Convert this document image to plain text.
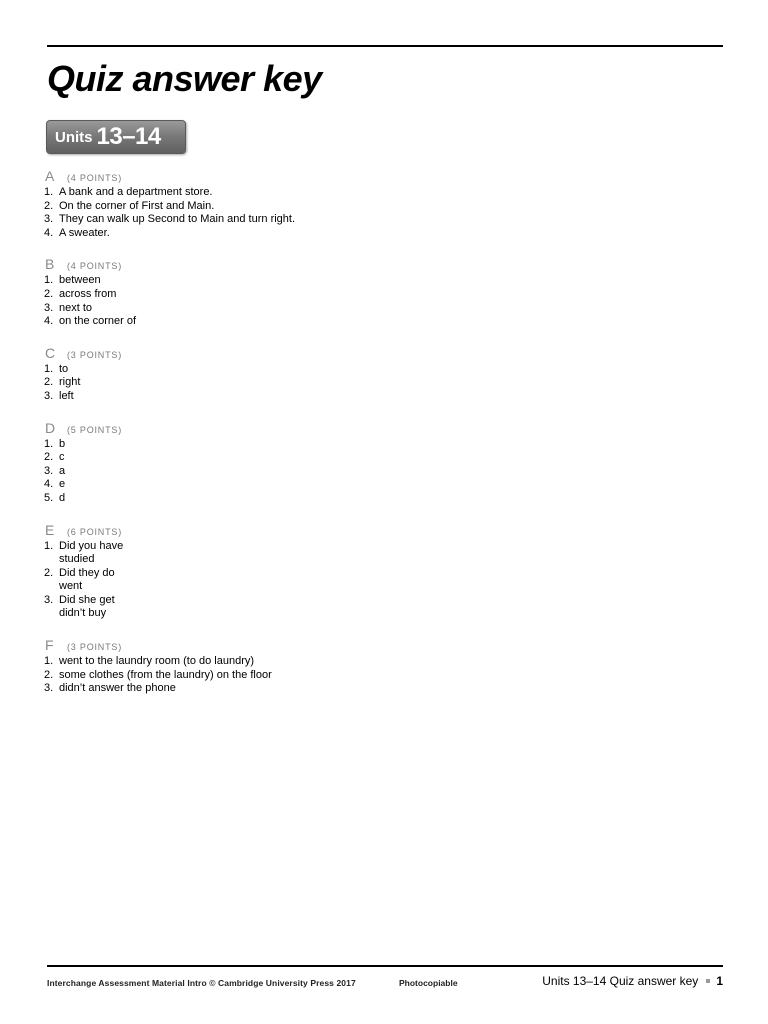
Quiz answer key
Units 13–14
A	(4 POINTS)
1. A bank and a department store.
2. On the corner of First and Main.
3. They can walk up Second to Main and turn right.
4. A sweater.
B	(4 POINTS)
1. between
2. across from
3. next to
4. on the corner of
C	(3 POINTS)
1. to
2. right
3. left
D	(5 POINTS)
1. b
2. c
3. a
4. e
5. d
E	(6 POINTS)
1. Did you have
studied
2. Did they do
went
3. Did she get
didn’t buy
F	(3 POINTS)
1. went to the laundry room (to do laundry)
2. some clothes (from the laundry) on the floor
3. didn’t answer the phone
Interchange Assessment Material Intro © Cambridge University Press 2017	Photocopiable	Units 13–14 Quiz answer key 1
